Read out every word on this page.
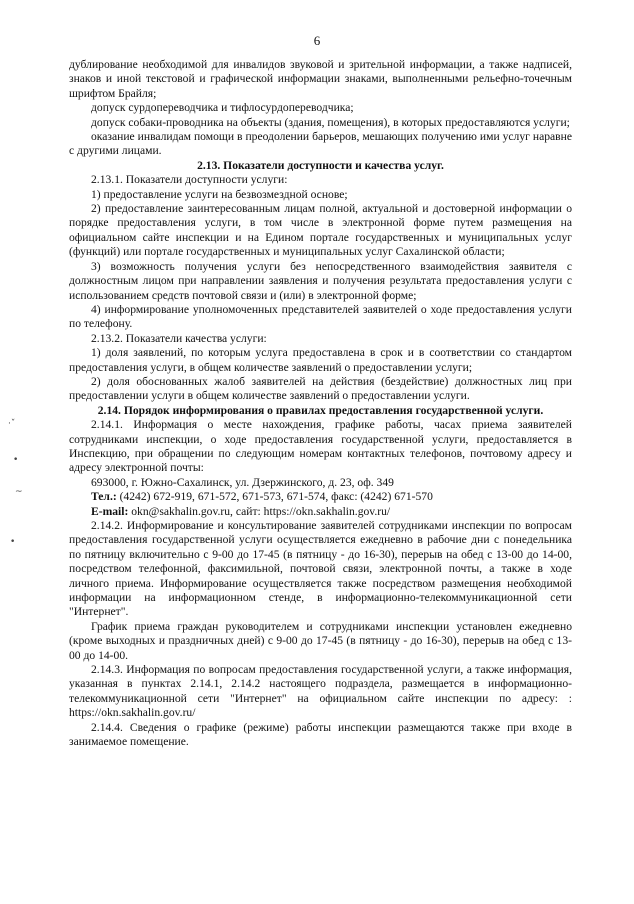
6
·ˇ
•
~
•

дублирование необходимой для инвалидов звуковой и зрительной информации, а также надписей, знаков и иной текстовой и графической информации знаками, выполненными рельефно-точечным шрифтом Брайля;

допуск сурдопереводчика и тифлосурдопереводчика;

допуск собаки-проводника на объекты (здания, помещения), в которых предоставляются услуги;

оказание инвалидам помощи в преодолении барьеров, мешающих получению ими услуг наравне с другими лицами.

2.13. Показатели доступности и качества услуг.

2.13.1. Показатели доступности услуги:

1) предоставление услуги на безвозмездной основе;

2) предоставление заинтересованным лицам полной, актуальной и достоверной информации о порядке предоставления услуги, в том числе в электронной форме путем размещения на официальном сайте инспекции и на Едином портале государственных и муниципальных услуг (функций) или портале государственных и муниципальных услуг Сахалинской области;

3) возможность получения услуги без непосредственного взаимодействия заявителя с должностным лицом при направлении заявления и получения результата предоставления услуги с использованием средств почтовой связи и (или) в электронной форме;

4) информирование уполномоченных представителей заявителей о ходе предоставления услуги по телефону.

2.13.2. Показатели качества услуги:

1) доля заявлений, по которым услуга предоставлена в срок и в соответствии со стандартом предоставления услуги, в общем количестве заявлений о предоставлении услуги;

2) доля обоснованных жалоб заявителей на действия (бездействие) должностных лиц при предоставлении услуги в общем количестве заявлений о предоставлении услуги.

2.14. Порядок информирования о правилах предоставления государственной услуги.

2.14.1. Информация о месте нахождения, графике работы, часах приема заявителей сотрудниками инспекции, о ходе предоставления государственной услуги, предоставляется в Инспекцию, при обращении по следующим номерам контактных телефонов, почтовому адресу и адресу электронной почты:

693000, г. Южно-Сахалинск, ул. Дзержинского, д. 23, оф. 349

Тел.: (4242) 672-919, 671-572, 671-573, 671-574, факс: (4242) 671-570

E-mail: okn@sakhalin.gov.ru, сайт: https://okn.sakhalin.gov.ru/

2.14.2. Информирование и консультирование заявителей сотрудниками инспекции по вопросам предоставления государственной услуги осуществляется ежедневно в рабочие дни с понедельника по пятницу включительно с 9-00 до 17-45 (в пятницу - до 16-30), перерыв на обед с 13-00 до 14-00, посредством телефонной, факсимильной, почтовой связи, электронной почты, а также в ходе личного приема. Информирование осуществляется также посредством размещения необходимой информации на информационном стенде, в информационно-телекоммуникационной сети "Интернет".

График приема граждан руководителем и сотрудниками инспекции установлен ежедневно (кроме выходных и праздничных дней) с 9-00 до 17-45 (в пятницу - до 16-30), перерыв на обед с 13-00 до 14-00.

2.14.3. Информация по вопросам предоставления государственной услуги, а также информация, указанная в пунктах 2.14.1, 2.14.2 настоящего подраздела, размещается в информационно-телекоммуникационной сети "Интернет" на официальном сайте инспекции по адресу: : https://okn.sakhalin.gov.ru/

2.14.4. Сведения о графике (режиме) работы инспекции размещаются также при входе в занимаемое помещение.
